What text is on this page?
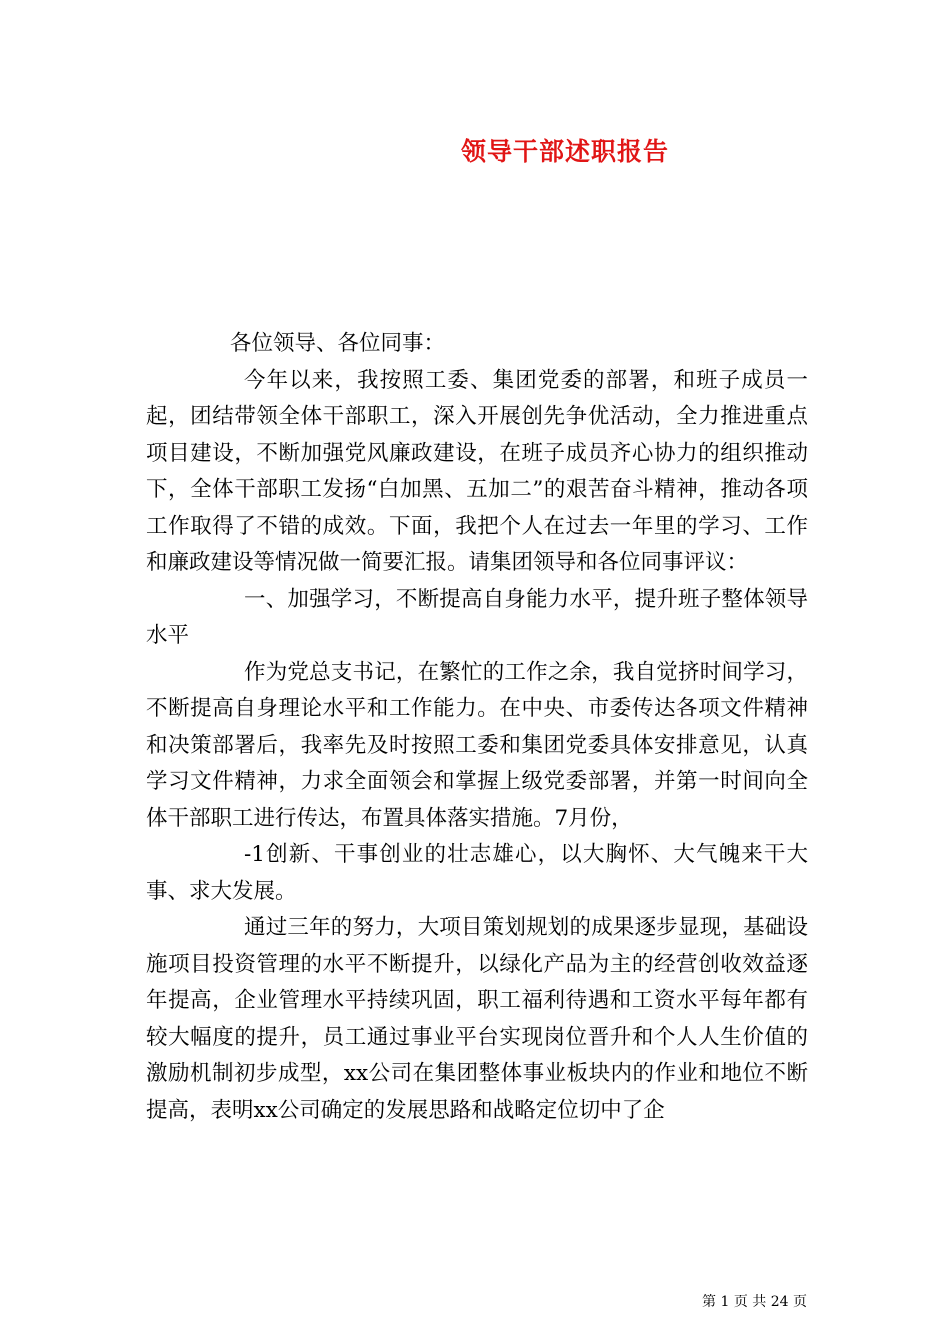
领导干部述职报告

各位领导、各位同事：

今年以来，我按照工委、集团党委的部署，和班子成员一起，团结带领全体干部职工，深入开展创先争优活动，全力推进重点项目建设，不断加强党风廉政建设，在班子成员齐心协力的组织推动下，全体干部职工发扬“白加黑、五加二”的艰苦奋斗精神，推动各项工作取得了不错的成效。下面，我把个人在过去一年里的学习、工作和廉政建设等情况做一简要汇报。请集团领导和各位同事评议：

一、加强学习，不断提高自身能力水平，提升班子整体领导水平

作为党总支书记，在繁忙的工作之余，我自觉挤时间学习，不断提高自身理论水平和工作能力。在中央、市委传达各项文件精神和决策部署后，我率先及时按照工委和集团党委具体安排意见，认真学习文件精神，力求全面领会和掌握上级党委部署，并第一时间向全体干部职工进行传达，布置具体落实措施。7月份，

-1创新、干事创业的壮志雄心，以大胸怀、大气魄来干大事、求大发展。

通过三年的努力，大项目策划规划的成果逐步显现，基础设施项目投资管理的水平不断提升，以绿化产品为主的经营创收效益逐年提高，企业管理水平持续巩固，职工福利待遇和工资水平每年都有较大幅度的提升，员工通过事业平台实现岗位晋升和个人人生价值的激励机制初步成型，xx公司在集团整体事业板块内的作业和地位不断提高，表明xx公司确定的发展思路和战略定位切中了企

第 1 页 共 24 页
